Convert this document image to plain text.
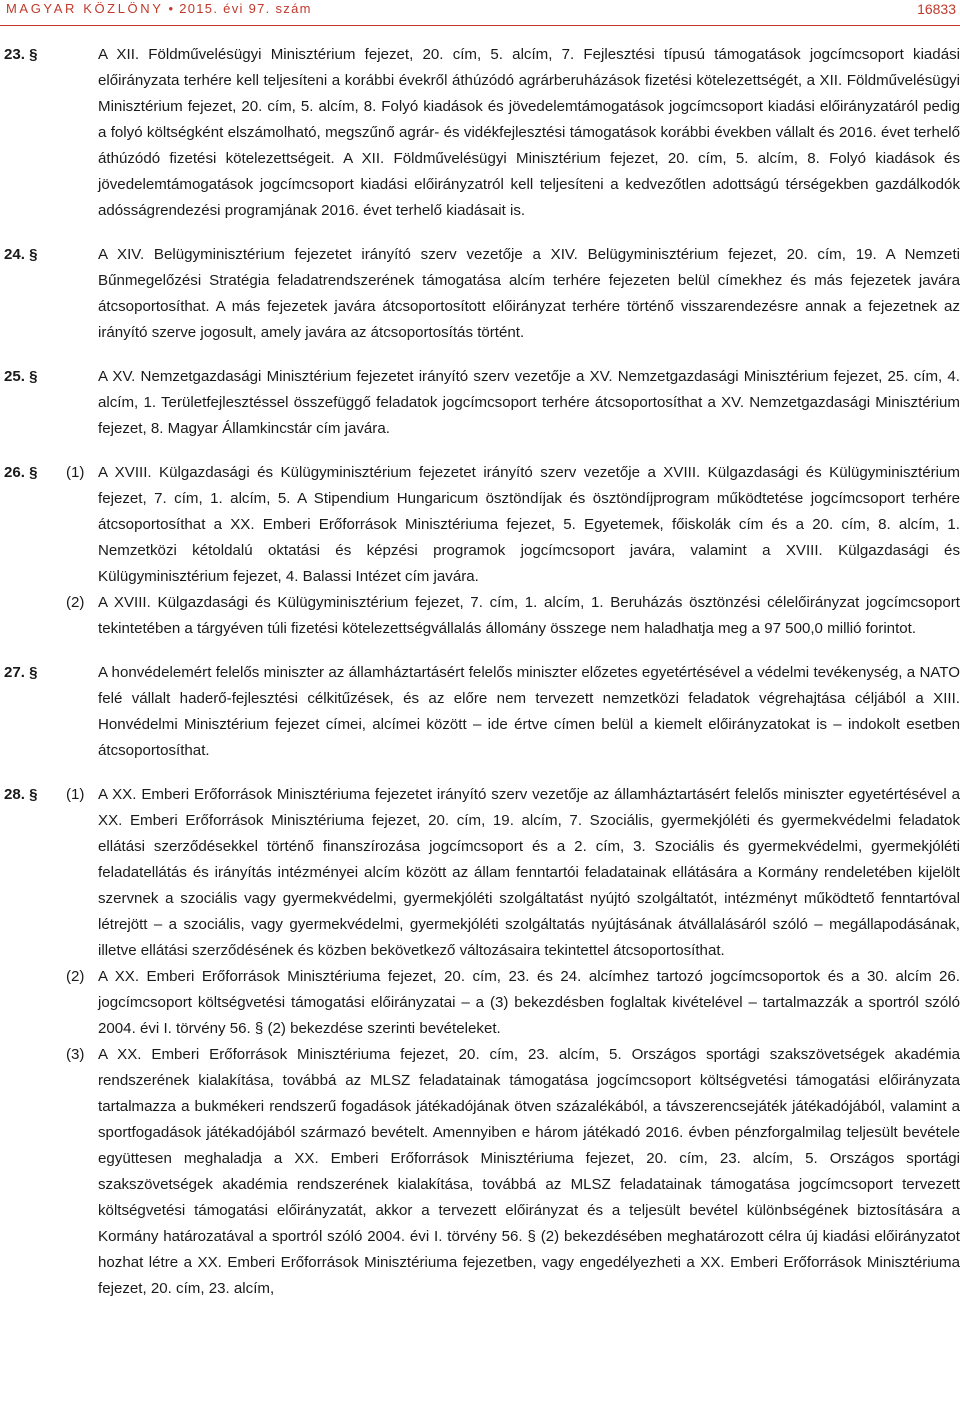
MAGYAR KÖZLÖNY • 2015. évi 97. szám	16833
23. §	A XII. Földművelésügyi Minisztérium fejezet, 20. cím, 5. alcím, 7. Fejlesztési típusú támogatások jogcímcsoport kiadási előirányzata terhére kell teljesíteni a korábbi évekről áthúzódó agrárberuházások fizetési kötelezettségét, a XII. Földművelésügyi Minisztérium fejezet, 20. cím, 5. alcím, 8. Folyó kiadások és jövedelemtámogatások jogcímcsoport kiadási előirányzatáról pedig a folyó költségként elszámolható, megszűnő agrár- és vidékfejlesztési támogatások korábbi években vállalt és 2016. évet terhelő áthúzódó fizetési kötelezettségeit. A XII. Földművelésügyi Minisztérium fejezet, 20. cím, 5. alcím, 8. Folyó kiadások és jövedelemtámogatások jogcímcsoport kiadási előirányzatról kell teljesíteni a kedvezőtlen adottságú térségekben gazdálkodók adósságrendezési programjának 2016. évet terhelő kiadásait is.

24. §	A XIV. Belügyminisztérium fejezetet irányító szerv vezetője a XIV. Belügyminisztérium fejezet, 20. cím, 19. A Nemzeti Bűnmegelőzési Stratégia feladatrendszerének támogatása alcím terhére fejezeten belül címekhez és más fejezetek javára átcsoportosíthat. A más fejezetek javára átcsoportosított előirányzat terhére történő visszarendezésre annak a fejezetnek az irányító szerve jogosult, amely javára az átcsoportosítás történt.

25. §	A XV. Nemzetgazdasági Minisztérium fejezetet irányító szerv vezetője a XV. Nemzetgazdasági Minisztérium fejezet, 25. cím, 4. alcím, 1. Területfejlesztéssel összefüggő feladatok jogcímcsoport terhére átcsoportosíthat a XV. Nemzetgazdasági Minisztérium fejezet, 8. Magyar Államkincstár cím javára.

26. § (1) A XVIII. Külgazdasági és Külügyminisztérium fejezetet irányító szerv vezetője a XVIII. Külgazdasági és Külügyminisztérium fejezet, 7. cím, 1. alcím, 5. A Stipendium Hungaricum ösztöndíjak és ösztöndíjprogram működtetése jogcímcsoport terhére átcsoportosíthat a XX. Emberi Erőforrások Minisztériuma fejezet, 5. Egyetemek, főiskolák cím és a 20. cím, 8. alcím, 1. Nemzetközi kétoldalú oktatási és képzési programok jogcímcsoport javára, valamint a XVIII. Külgazdasági és Külügyminisztérium fejezet, 4. Balassi Intézet cím javára.

(2) A XVIII. Külgazdasági és Külügyminisztérium fejezet, 7. cím, 1. alcím, 1. Beruházás ösztönzési célelőirányzat jogcímcsoport tekintetében a tárgyéven túli fizetési kötelezettségvállalás állomány összege nem haladhatja meg a 97 500,0 millió forintot.

27. §	A honvédelemért felelős miniszter az államháztartásért felelős miniszter előzetes egyetértésével a védelmi tevékenység, a NATO felé vállalt haderő-fejlesztési célkitűzések, és az előre nem tervezett nemzetközi feladatok végrehajtása céljából a XIII. Honvédelmi Minisztérium fejezet címei, alcímei között – ide értve címen belül a kiemelt előirányzatokat is – indokolt esetben átcsoportosíthat.

28. § (1) A XX. Emberi Erőforrások Minisztériuma fejezetet irányító szerv vezetője az államháztartásért felelős miniszter egyetértésével a XX. Emberi Erőforrások Minisztériuma fejezet, 20. cím, 19. alcím, 7. Szociális, gyermekjóléti és gyermekvédelmi feladatok ellátási szerződésekkel történő finanszírozása jogcímcsoport és a 2. cím, 3. Szociális és gyermekvédelmi, gyermekjóléti feladatellátás és irányítás intézményei alcím között az állam fenntartói feladatainak ellátására a Kormány rendeletében kijelölt szervnek a szociális vagy gyermekvédelmi, gyermekjóléti szolgáltatást nyújtó szolgáltatót, intézményt működtető fenntartóval létrejött – a szociális, vagy gyermekvédelmi, gyermekjóléti szolgáltatás nyújtásának átvállalásáról szóló – megállapodásának, illetve ellátási szerződésének és közben bekövetkező változásaira tekintettel átcsoportosíthat.

(2) A XX. Emberi Erőforrások Minisztériuma fejezet, 20. cím, 23. és 24. alcímhez tartozó jogcímcsoportok és a 30. alcím 26. jogcímcsoport költségvetési támogatási előirányzatai – a (3) bekezdésben foglaltak kivételével – tartalmazzák a sportról szóló 2004. évi I. törvény 56. § (2) bekezdése szerinti bevételeket.

(3) A XX. Emberi Erőforrások Minisztériuma fejezet, 20. cím, 23. alcím, 5. Országos sportági szakszövetségek akadémia rendszerének kialakítása, továbbá az MLSZ feladatainak támogatása jogcímcsoport költségvetési támogatási előirányzata tartalmazza a bukmékeri rendszerű fogadások játékadójának ötven százalékából, a távszerencsejáték játékadójából, valamint a sportfogadások játékadójából származó bevételt. Amennyiben e három játékadó 2016. évben pénzforgalmilag teljesült bevétele együttesen meghaladja a XX. Emberi Erőforrások Minisztériuma fejezet, 20. cím, 23. alcím, 5. Országos sportági szakszövetségek akadémia rendszerének kialakítása, továbbá az MLSZ feladatainak támogatása jogcímcsoport tervezett költségvetési támogatási előirányzatát, akkor a tervezett előirányzat és a teljesült bevétel különbségének biztosítására a Kormány határozatával a sportról szóló 2004. évi I. törvény 56. § (2) bekezdésében meghatározott célra új kiadási előirányzatot hozhat létre a XX. Emberi Erőforrások Minisztériuma fejezetben, vagy engedélyezheti a XX. Emberi Erőforrások Minisztériuma fejezet, 20. cím, 23. alcím,
